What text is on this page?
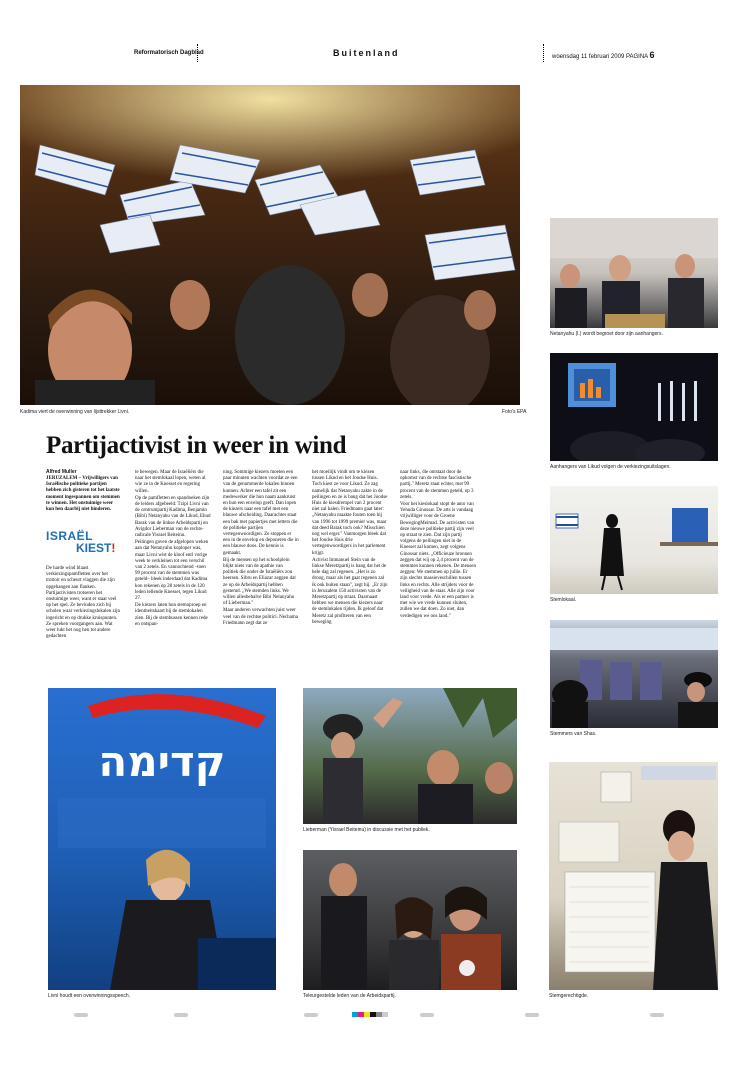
Reformatorisch Dagblad	Buitenland	woensdag 11 februari 2009 PAGINA 6
Kadima viert de overwinning van lijsttrekker Livni.	Foto's EPA
Netanyahu (l.) wordt begroet door zijn aanhangers.
Aanhangers van Likud volgen de verkiezingsuitslagen.
Stemlokaal.
Stemmers van Shas.
Partijactivist in weer in wind
Alfred Muller

JERUZALEM – Vrijwilligers van Israëlische politieke partijen hebben zich gisteren tot het laatste moment ingespannen om stemmen te winnen. Het onstuimige weer kon hen daarbij niet hinderen.

ISRAËL
KIEST!

De harde wind blaast verkiezingspamfletten over het trottoir en scheurt vlaggen die zijn opgehangen aan flanken. Partijactivisten trotseren het onstuimige weer, want er staat veel op het spel. Ze bevinden zich bij scholen waar verkiezingslokalen zijn ingericht en op drukke kruispunten. Ze spreken voorgangers aan. Wat weer lukt het nog hen tot andere gedachten

te bewegen. Maar de Israëliërs die naar het stemlokaal lopen, weten al wie ze in de Knesset en regering willen.

Op de pamfletten en spandoeken zijn de leiders afgebeeld: Tzipi Livni van de centrumpartij Kadima, Benjamin (Bibi) Netanyahu van de Likud, Ehud Barak van de linkse Arbeidspartij en Avigdor Lieberman van de rechts-radicale Yisrael Beiteinu.

Peilingen gaven de afgelopen weken aan dat Netanyahu koploper was, maar Livni wist de kloof entl vorige week te verkleinen tot een verschil van 2 zetels. En vannochtend –toen 99 procent van de stemmen was geteld– bleek inderdaad dat Kadima kon rekenen op 28 zetels in de 120 leden tellende Knesset, tegen Likud 27.

De kiezers laten hun stemoproep en identiteitskaart bij de stemlokalen zien. Bij de stembussen kennen rede en ontspan-

ning. Sommige kiezers moeten een paar minuten wachten voordat ze een van de genummerde lokalen binnen kunnen. Achter een tafel zit een medewerker die hun naam aankruist en hun een envelop geeft. Dan lopen de kiezers naar een tafel met een blauwe afscheiding. Daarachter staat een bak met papiertjes met letters die de politieke partijen vertegenwoordigen. Ze stoppen er een in de envelop en deponeren die in een blauwe doos. De kennis is gemaakt.

Bij de mensen op het schoolplein blijkt niets van de apathie van politiek die onder de Israëliërs zou heersen. Sibru en Eliazar zeggen dat ze op de Arbeidspartij hebben gestemd. „We stemden links. We willen allesbehalve Bibi Netanyahu of Lieberman."

Maar anderen verwachten juist weer veel van de rechtse politici. Nechama Friedmann zegt dat ze

het moeilijk vindt om te kiezen tussen Likud en het Joodse Huis. Toch kiest ze voor Likud. Ze zag namelijk dat Netanyahu zakte in de peilingen en ze is bang dat het Joodse Huis de kiesdrempel van 2 procent niet zal halen. Friedmann gaat later: „Netanyahu maakte fouten toen hij van 1996 tot 1999 premier was, maar dat deed Barak toch ook? Misschien nog wel erger." Vanmorgen bleek dat het Joodse Huis drie vertegenwoordigers in het parlement krijgt.

Activist Immanuel Stein van de linkse Meretzpartij is bang dat het de hele dag zal regenen. „Het is zo droog, maar als het gaat regenen zal ik ook buiten staan", zegt hij. „Er zijn in Jeruzalem 150 activisten van de Meretzpartij op straat. Daarnaast hebben we mensen die kiezers naar de stemlokalen rijden. Ik geloof dat Meretz zal profiteren van een beweging

naar links, die ontstaat door de opkomst van de rechtse fascistische partij." Meretz staat echter, met 99 procent van de stemmen geteld, op 3 zetels.

Voor het kieslokaal stopt de auto van Yehuda Ginossar. De arts is vandaag vrijwilliger voor de Groene BewegingMeimad. De activisten van deze nieuwe politieke partij zijn veel op straat te zien. Dat zijn partij volgens de peilingen niet in de Knesset zal komen, zegt volgens Ginossar niets. „Officieuze bronnen zeggen dat wij op 2,4 procent van de stemmen kunnen rekenen. De mensen zeggen: We stemmen op jullie. Er zijn slechts massieveschillen tussen links en rechts. Alle strijders voor de veiligheid van de staat. Alle zijn voor land voor vrede. Als er een partner is met wie we vrede kunnen sluiten, zullen we dat doen. Zo niet, dan verdedigen we ons land."

קדימה
Livni houdt een overwinningsspeech.
Lieberman (Yisrael Beiteinu) in discussie met het publiek.
Teleurgestelde leden van de Arbeidspartij.	Stemgerechtigde.
